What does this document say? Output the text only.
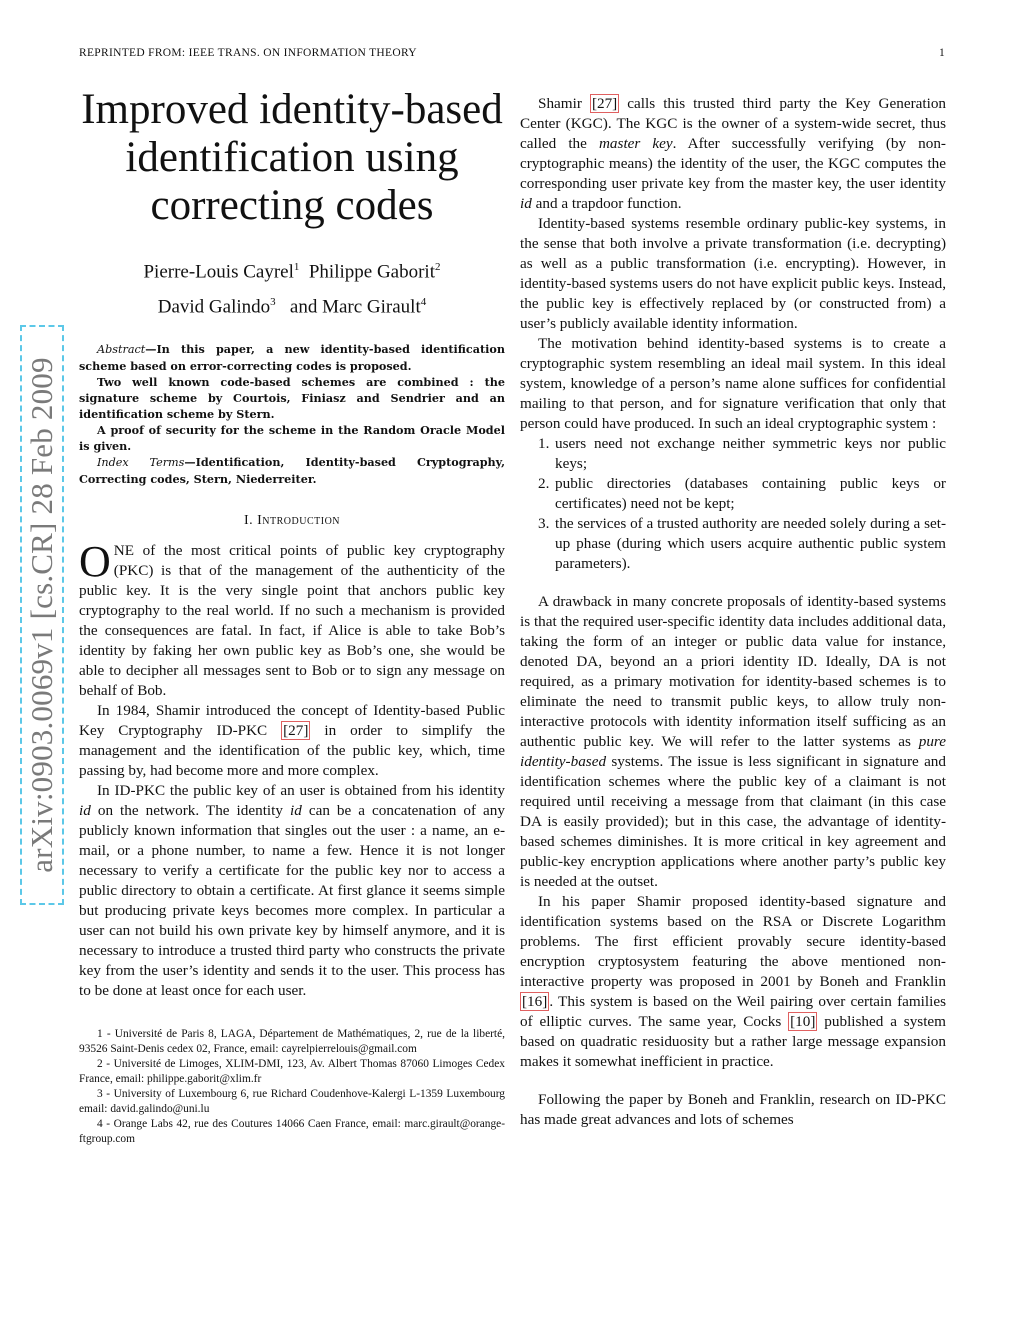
REPRINTED FROM: IEEE TRANS. ON INFORMATION THEORY	1
arXiv:0903.0069v1 [cs.CR] 28 Feb 2009
Improved identity-based
identification using
correcting codes
Pierre-Louis Cayrel$^1$ Philippe Gaborit$^2$
David Galindo$^3$ and Marc Girault$^4$

Abstract—In this paper, a new identity-based identification scheme based on error-correcting codes is proposed.

Two well known code-based schemes are combined : the signature scheme by Courtois, Finiasz and Sendrier and an identification scheme by Stern.

A proof of security for the scheme in the Random Oracle Model is given.

Index Terms—Identification, Identity-based Cryptography, Correcting codes, Stern, Niederreiter.

I. Introduction

ONE of the most critical points of public key cryptography (PKC) is that of the management of the authenticity of the public key. It is the very single point that anchors public key cryptography to the real world. If no such a mechanism is provided the consequences are fatal. In fact, if Alice is able to take Bob’s identity by faking her own public key as Bob’s one, she would be able to decipher all messages sent to Bob or to sign any message on behalf of Bob.

In 1984, Shamir introduced the concept of Identity-based Public Key Cryptography ID-PKC [27] in order to simplify the management and the identification of the public key, which, time passing by, had become more and more complex.

In ID-PKC the public key of an user is obtained from his identity id on the network. The identity id can be a concatenation of any publicly known information that singles out the user : a name, an e-mail, or a phone number, to name a few. Hence it is not longer necessary to verify a certificate for the public key nor to access a public directory to obtain a certificate. At first glance it seems simple but producing private keys becomes more complex. In particular a user can not build his own private key by himself anymore, and it is necessary to introduce a trusted third party who constructs the private key from the user’s identity and sends it to the user. This process has to be done at least once for each user.

1 - Université de Paris 8, LAGA, Département de Mathématiques, 2, rue de la liberté, 93526 Saint-Denis cedex 02, France, email: cayrelpierrelouis@gmail.com

2 - Université de Limoges, XLIM-DMI, 123, Av. Albert Thomas 87060 Limoges Cedex France, email: philippe.gaborit@xlim.fr

3 - University of Luxembourg 6, rue Richard Coudenhove-Kalergi L-1359 Luxembourg email: david.galindo@uni.lu

4 - Orange Labs 42, rue des Coutures 14066 Caen France, email: marc.girault@orange-ftgroup.com

Shamir [27] calls this trusted third party the Key Generation Center (KGC). The KGC is the owner of a system-wide secret, thus called the master key. After successfully verifying (by non-cryptographic means) the identity of the user, the KGC computes the corresponding user private key from the master key, the user identity id and a trapdoor function.

Identity-based systems resemble ordinary public-key systems, in the sense that both involve a private transformation (i.e. decrypting) as well as a public transformation (i.e. encrypting). However, in identity-based systems users do not have explicit public keys. Instead, the public key is effectively replaced by (or constructed from) a user’s publicly available identity information.

The motivation behind identity-based systems is to create a cryptographic system resembling an ideal mail system. In this ideal system, knowledge of a person’s name alone suffices for confidential mailing to that person, and for signature verification that only that person could have produced. In such an ideal cryptographic system :

1. users need not exchange neither symmetric keys nor public keys;
2. public directories (databases containing public keys or certificates) need not be kept;
3. the services of a trusted authority are needed solely during a set-up phase (during which users acquire authentic public system parameters).

A drawback in many concrete proposals of identity-based systems is that the required user-specific identity data includes additional data, taking the form of an integer or public data value for instance, denoted DA, beyond an a priori identity ID. Ideally, DA is not required, as a primary motivation for identity-based schemes is to eliminate the need to transmit public keys, to allow truly non-interactive protocols with identity information itself sufficing as an authentic public key. We will refer to the latter systems as pure identity-based systems. The issue is less significant in signature and identification schemes where the public key of a claimant is not required until receiving a message from that claimant (in this case DA is easily provided); but in this case, the advantage of identity-based schemes diminishes. It is more critical in key agreement and public-key encryption applications where another party’s public key is needed at the outset.

In his paper Shamir proposed identity-based signature and identification systems based on the RSA or Discrete Logarithm problems. The first efficient provably secure identity-based encryption cryptosystem featuring the above mentioned non-interactive property was proposed in 2001 by Boneh and Franklin [16] . This system is based on the Weil pairing over certain families of elliptic curves. The same year, Cocks [10] published a system based on quadratic residuosity but a rather large message expansion makes it somewhat inefficient in practice.

Following the paper by Boneh and Franklin, research on ID-PKC has made great advances and lots of schemes
